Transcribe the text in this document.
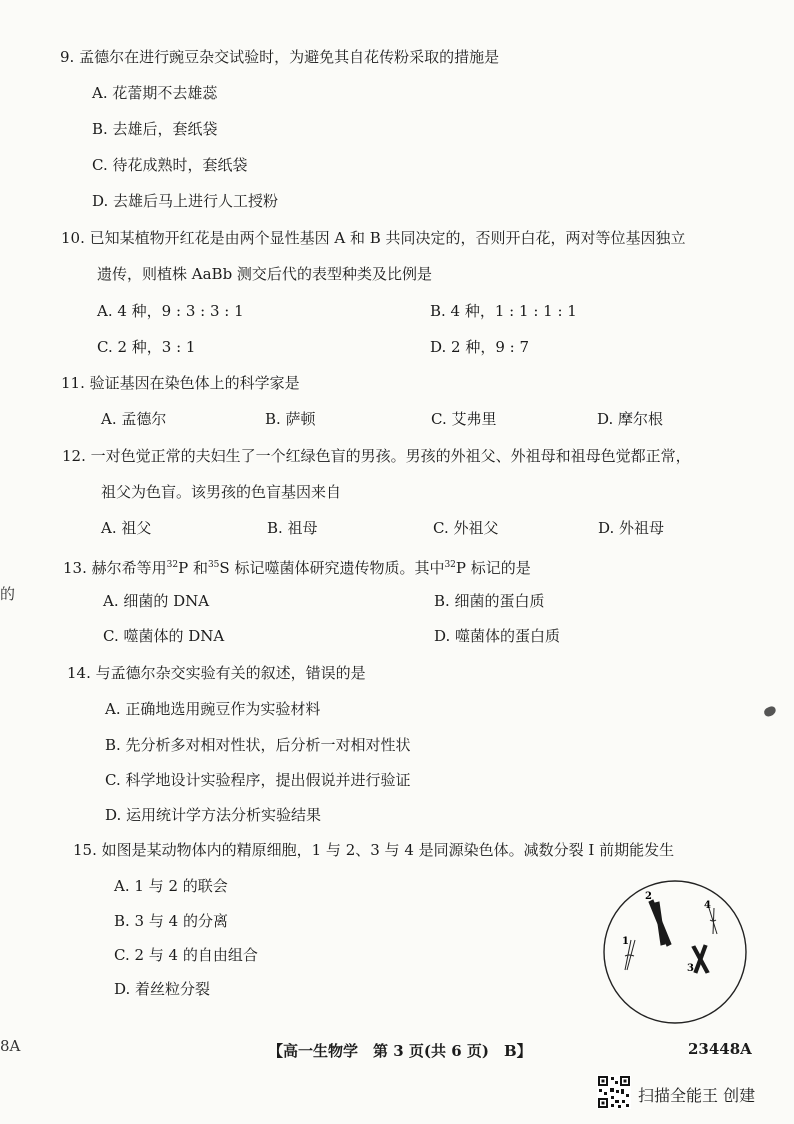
9. 孟德尔在进行豌豆杂交试验时，为避免其自花传粉采取的措施是
A. 花蕾期不去雄蕊
B. 去雄后，套纸袋
C. 待花成熟时，套纸袋
D. 去雄后马上进行人工授粉
10. 已知某植物开红花是由两个显性基因 A 和 B 共同决定的，否则开白花，两对等位基因独立
遗传，则植株 AaBb 测交后代的表型种类及比例是
A. 4 种，9 : 3 : 3 : 1	B. 4 种，1 : 1 : 1 : 1
C. 2 种，3 : 1	D. 2 种，9 : 7
11. 验证基因在染色体上的科学家是
A. 孟德尔	B. 萨顿	C. 艾弗里	D. 摩尔根
12. 一对色觉正常的夫妇生了一个红绿色盲的男孩。男孩的外祖父、外祖母和祖母色觉都正常，
祖父为色盲。该男孩的色盲基因来自
A. 祖父	B. 祖母	C. 外祖父	D. 外祖母
13. 赫尔希等用$^{32}$P 和$^{35}$S 标记噬菌体研究遗传物质。其中$^{32}$P 标记的是
A. 细菌的 DNA	B. 细菌的蛋白质
C. 噬菌体的 DNA	D. 噬菌体的蛋白质
14. 与孟德尔杂交实验有关的叙述，错误的是
A. 正确地选用豌豆作为实验材料
B. 先分析多对相对性状，后分析一对相对性状
C. 科学地设计实验程序，提出假说并进行验证
D. 运用统计学方法分析实验结果
15. 如图是某动物体内的精原细胞，1 与 2、3 与 4 是同源染色体。减数分裂 Ⅰ 前期能发生
A. 1 与 2 的联会
B. 3 与 4 的分离
C. 2 与 4 的自由组合
D. 着丝粒分裂
1
2
3
4
的
8A	【高一生物学　第 3 页(共 6 页)　B】	23448A
扫描全能王 创建
